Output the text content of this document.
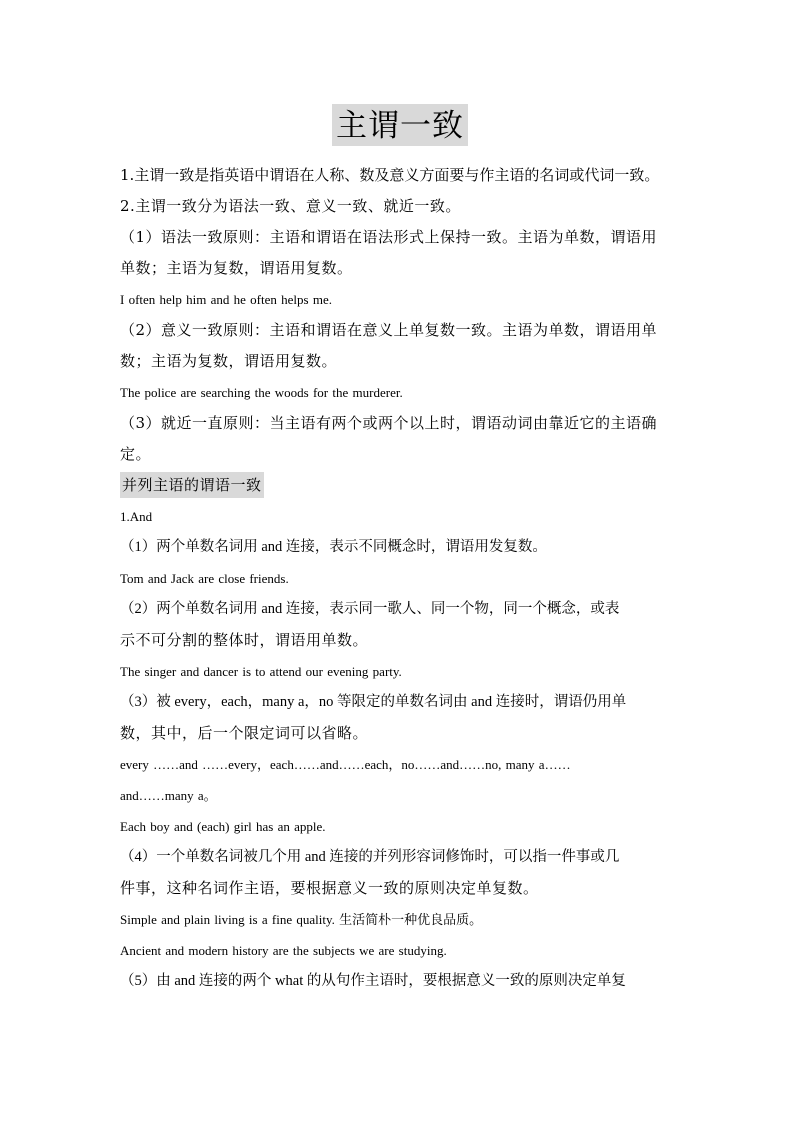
主谓一致
1.主谓一致是指英语中谓语在人称、数及意义方面要与作主语的名词或代词一致。
2.主谓一致分为语法一致、意义一致、就近一致。
（1）语法一致原则：主语和谓语在语法形式上保持一致。主语为单数，谓语用
单数；主语为复数，谓语用复数。
I often help him and he often helps me.
（2）意义一致原则：主语和谓语在意义上单复数一致。主语为单数，谓语用单
数；主语为复数，谓语用复数。
The police are searching the woods for the murderer.
（3）就近一直原则：当主语有两个或两个以上时，谓语动词由靠近它的主语确
定。
并列主语的谓语一致
1.And
（1）两个单数名词用 and 连接，表示不同概念时，谓语用发复数。
Tom and Jack are close friends.
（2）两个单数名词用 and 连接，表示同一歌人、同一个物，同一个概念，或表
示不可分割的整体时，谓语用单数。
The singer and dancer is to attend our evening party.
（3）被 every，each，many a，no 等限定的单数名词由 and 连接时，谓语仍用单
数，其中，后一个限定词可以省略。
every ……and ……every，each……and……each，no……and……no, many a……
and……many a。
Each boy and (each) girl has an apple.
（4）一个单数名词被几个用 and 连接的并列形容词修饰时，可以指一件事或几
件事，这种名词作主语，要根据意义一致的原则决定单复数。
Simple and plain living is a fine quality. 生活简朴一种优良品质。
Ancient and modern history are the subjects we are studying.
（5）由 and 连接的两个 what 的从句作主语时，要根据意义一致的原则决定单复
